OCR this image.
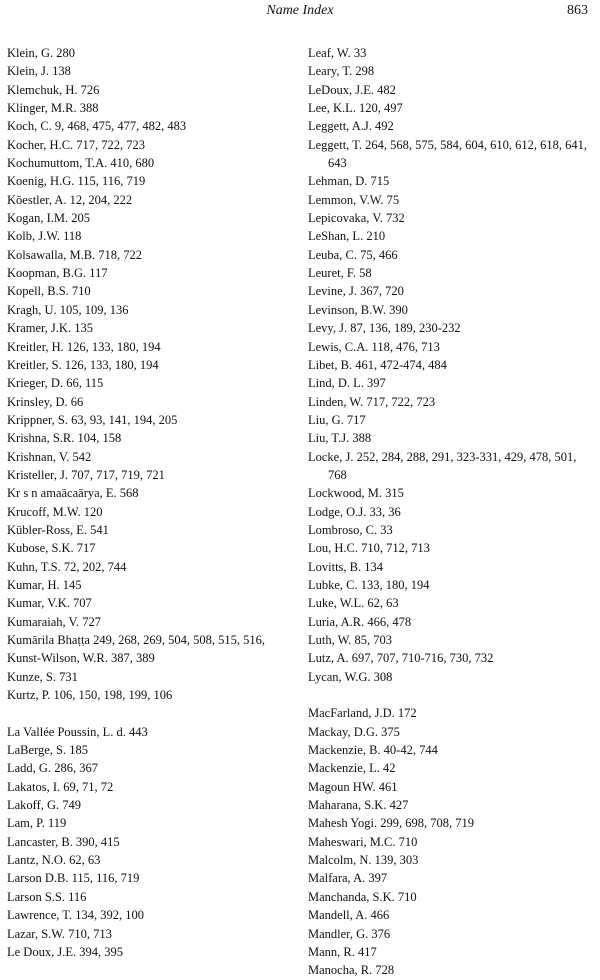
Name Index	863
Klein, G. 280
Klein, J. 138
Klemchuk, H. 726
Klinger, M.R. 388
Koch, C. 9, 468, 475, 477, 482, 483
Kocher, H.C. 717, 722, 723
Kochumuttom, T.A. 410, 680
Koenig, H.G. 115, 116, 719
Köestler, A. 12, 204, 222
Kogan, I.M. 205
Kolb, J.W. 118
Kolsawalla, M.B. 718, 722
Koopman, B.G. 117
Kopell, B.S. 710
Kragh, U. 105, 109, 136
Kramer, J.K. 135
Kreitler, H. 126, 133, 180, 194
Kreitler, S. 126, 133, 180, 194
Krieger, D. 66, 115
Krinsley, D. 66
Krippner, S. 63, 93, 141, 194, 205
Krishna, S.R. 104, 158
Krishnan, V. 542
Kristeller, J. 707, 717, 719, 721
Kr s n amaācaārya, E. 568
Krucoff, M.W. 120
Kübler-Ross, E. 541
Kubose, S.K. 717
Kuhn, T.S. 72, 202, 744
Kumar, H. 145
Kumar, V.K. 707
Kumaraiah, V. 727
Kumārila Bhaṭṭa 249, 268, 269, 504, 508, 515, 516,
Kunst-Wilson, W.R. 387, 389
Kunze, S. 731
Kurtz, P. 106, 150, 198, 199, 106
La Vallée Poussin, L. d. 443
LaBerge, S. 185
Ladd, G. 286, 367
Lakatos, I. 69, 71, 72
Lakoff, G. 749
Lam, P. 119
Lancaster, B. 390, 415
Lantz, N.O. 62, 63
Larson D.B. 115, 116, 719
Larson S.S. 116
Lawrence, T. 134, 392, 100
Lazar, S.W. 710, 713
Le Doux, J.E. 394, 395
Leaf, W. 33
Leary, T. 298
LeDoux, J.E. 482
Lee, K.L. 120, 497
Leggett, A.J. 492
Leggett, T. 264, 568, 575, 584, 604, 610, 612, 618, 641, 643
Lehman, D. 715
Lemmon, V.W. 75
Lepicovaka, V. 732
LeShan, L. 210
Leuba, C. 75, 466
Leuret, F. 58
Levine, J. 367, 720
Levinson, B.W. 390
Levy, J. 87, 136, 189, 230-232
Lewis, C.A. 118, 476, 713
Libet, B. 461, 472-474, 484
Lind, D. L. 397
Linden, W. 717, 722, 723
Liu, G. 717
Liu, T.J. 388
Locke, J. 252, 284, 288, 291, 323-331, 429, 478, 501, 768
Lockwood, M. 315
Lodge, O.J. 33, 36
Lombroso, C. 33
Lou, H.C. 710, 712, 713
Lovitts, B. 134
Lubke, C. 133, 180, 194
Luke, W.L. 62, 63
Luria, A.R. 466, 478
Luth, W. 85, 703
Lutz, A. 697, 707, 710-716, 730, 732
Lycan, W.G. 308
MacFarland, J.D. 172
Mackay, D.G. 375
Mackenzie, B. 40-42, 744
Mackenzie, L. 42
Magoun HW. 461
Maharana, S.K. 427
Mahesh Yogi. 299, 698, 708, 719
Maheswari, M.C. 710
Malcolm, N. 139, 303
Malfara, A. 397
Manchanda, S.K. 710
Mandell, A. 466
Mandler, G. 376
Mann, R. 417
Manocha, R. 728
